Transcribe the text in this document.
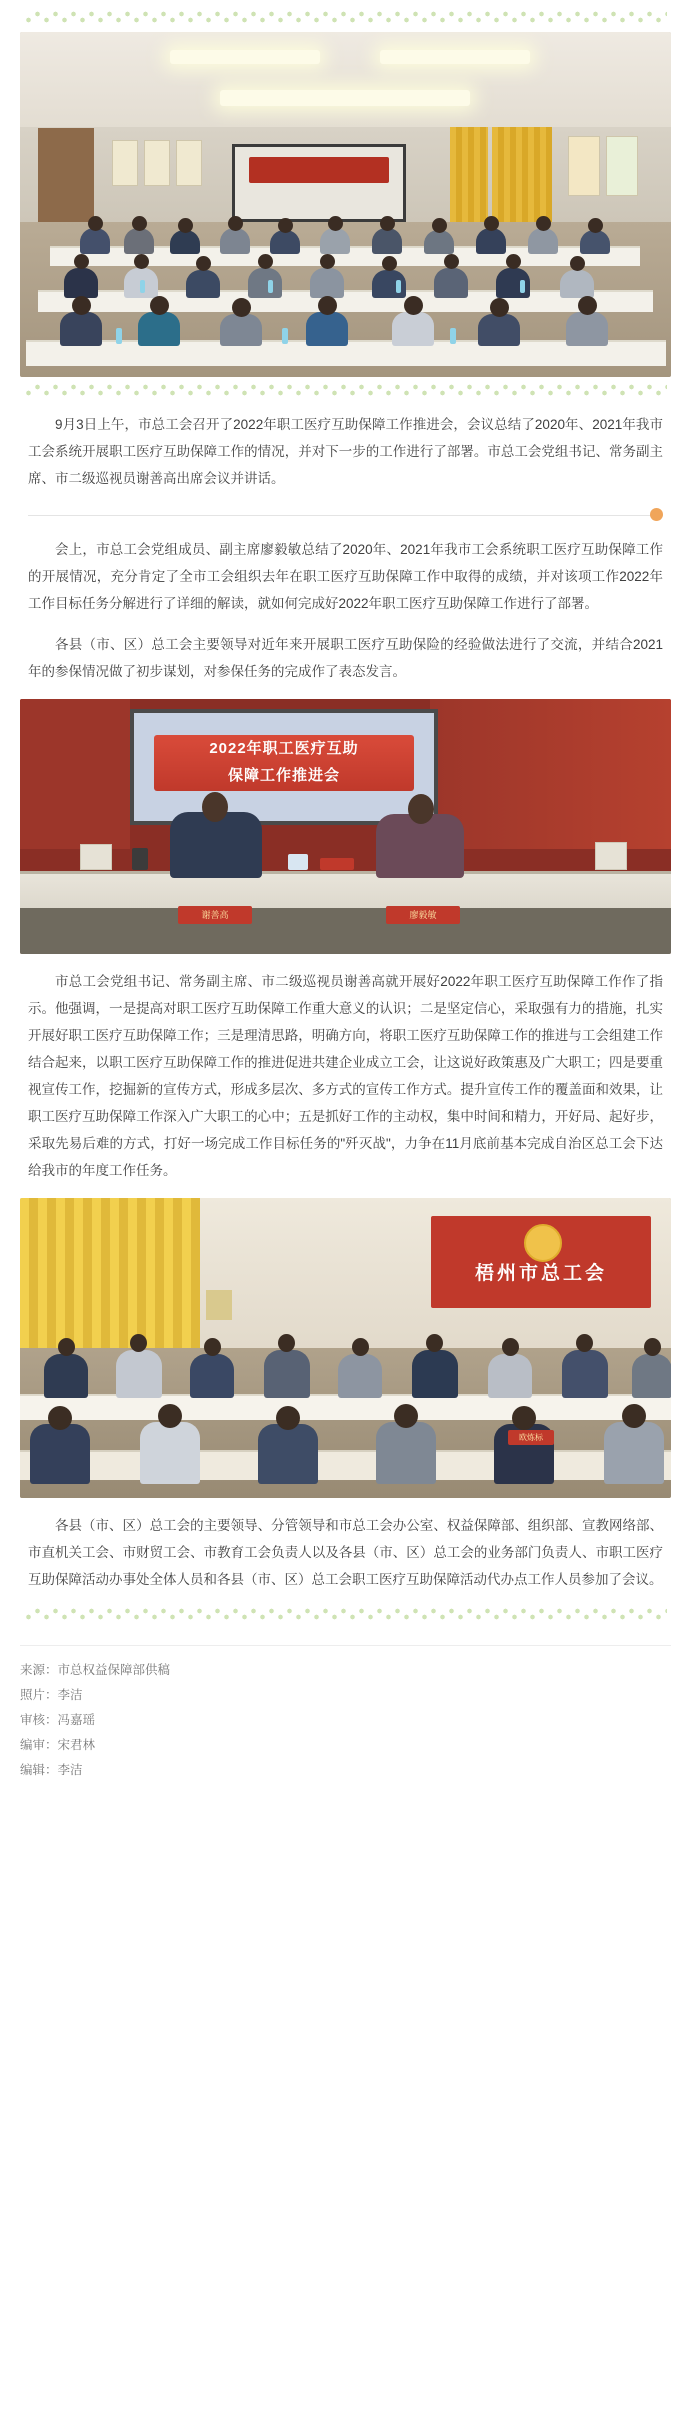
9月3日上午，市总工会召开了2022年职工医疗互助保障工作推进会，会议总结了2020年、2021年我市工会系统开展职工医疗互助保障工作的情况，并对下一步的工作进行了部署。市总工会党组书记、常务副主席、市二级巡视员谢善高出席会议并讲话。

会上，市总工会党组成员、副主席廖毅敏总结了2020年、2021年我市工会系统职工医疗互助保障工作的开展情况，充分肯定了全市工会组织去年在职工医疗互助保障工作中取得的成绩，并对该项工作2022年工作目标任务分解进行了详细的解读，就如何完成好2022年职工医疗互助保障工作进行了部署。

各县（市、区）总工会主要领导对近年来开展职工医疗互助保险的经验做法进行了交流，并结合2021年的参保情况做了初步谋划，对参保任务的完成作了表态发言。

2022年职工医疗互助
保障工作推进会
谢善高	廖毅敏

市总工会党组书记、常务副主席、市二级巡视员谢善高就开展好2022年职工医疗互助保障工作作了指示。他强调，一是提高对职工医疗互助保障工作重大意义的认识；二是坚定信心，采取强有力的措施，扎实开展好职工医疗互助保障工作；三是理清思路，明确方向，将职工医疗互助保障工作的推进与工会组建工作结合起来，以职工医疗互助保障工作的推进促进共建企业成立工会，让这说好政策惠及广大职工；四是要重视宣传工作，挖掘新的宣传方式，形成多层次、多方式的宣传工作方式。提升宣传工作的覆盖面和效果，让职工医疗互助保障工作深入广大职工的心中；五是抓好工作的主动权，集中时间和精力，开好局、起好步，采取先易后难的方式，打好一场完成工作目标任务的"歼灭战"，力争在11月底前基本完成自治区总工会下达给我市的年度工作任务。

梧州市总工会
欧炼标

各县（市、区）总工会的主要领导、分管领导和市总工会办公室、权益保障部、组织部、宣教网络部、市直机关工会、市财贸工会、市教育工会负责人以及各县（市、区）总工会的业务部门负责人、市职工医疗互助保障活动办事处全体人员和各县（市、区）总工会职工医疗互助保障活动代办点工作人员参加了会议。

来源：市总权益保障部供稿
照片：李洁
审核：冯嘉瑶
编审：宋君林
编辑：李洁
